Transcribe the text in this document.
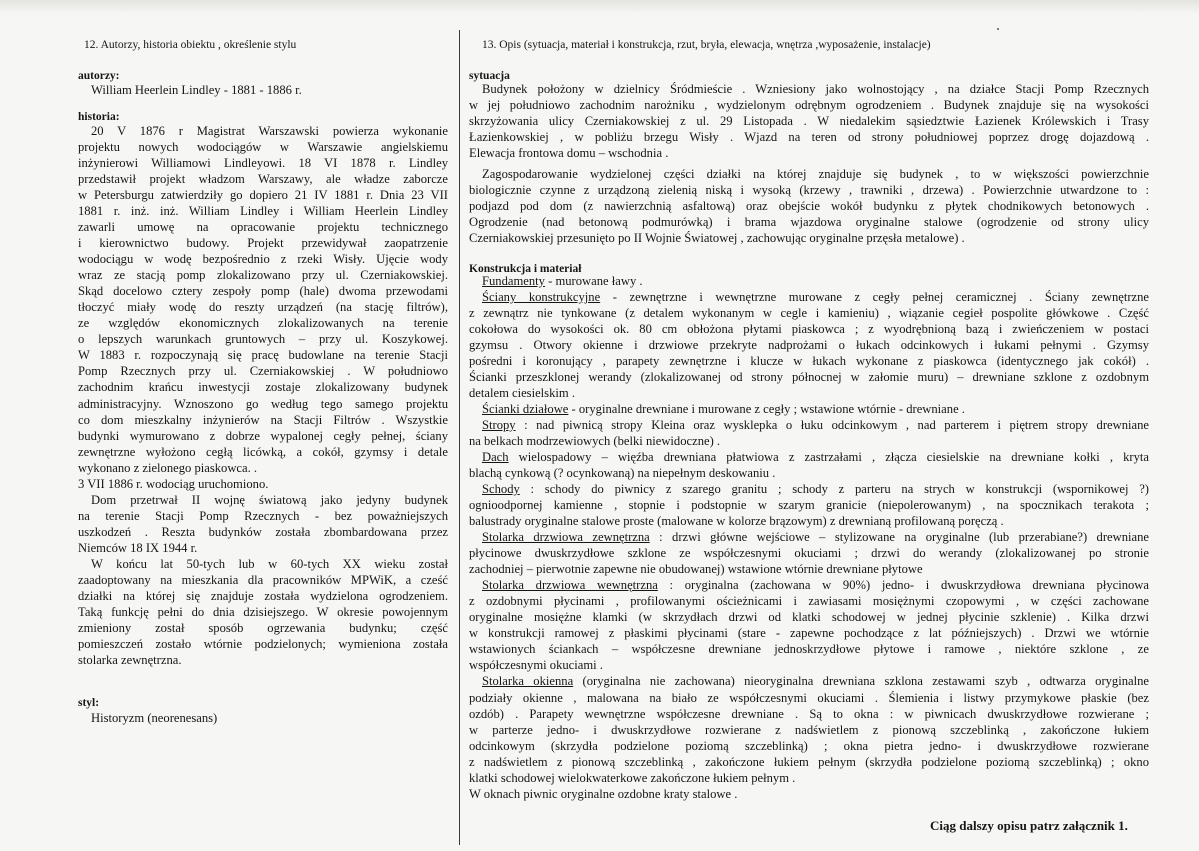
12. Autorzy, historia obiektu , określenie stylu
autorzy:
William Heerlein Lindley - 1881 - 1886 r.
historia:
20 V 1876 r Magistrat Warszawski powierza wykonanie
projektu nowych wodociągów w Warszawie angielskiemu
inżynierowi Williamowi Lindleyowi. 18 VI 1878 r. Lindley
przedstawił projekt władzom Warszawy, ale władze zaborcze
w Petersburgu zatwierdziły go dopiero 21 IV 1881 r. Dnia 23 VII
1881 r. inż. inż. William Lindley i William Heerlein Lindley
zawarli umowę na opracowanie projektu technicznego
i kierownictwo budowy. Projekt przewidywał zaopatrzenie
wodociągu w wodę bezpośrednio z rzeki Wisły. Ujęcie wody
wraz ze stacją pomp zlokalizowano przy ul. Czerniakowskiej.
Skąd docelowo cztery zespoły pomp (hale) dwoma przewodami
tłoczyć miały wodę do reszty urządzeń (na stację filtrów),
ze względów ekonomicznych zlokalizowanych na terenie
o lepszych warunkach gruntowych – przy ul. Koszykowej.
W 1883 r. rozpoczynają się pracę budowlane na terenie Stacji
Pomp Rzecznych przy ul. Czerniakowskiej . W południowo
zachodnim krańcu inwestycji zostaje zlokalizowany budynek
administracyjny. Wznoszono go według tego samego projektu
co dom mieszkalny inżynierów na Stacji Filtrów . Wszystkie
budynki wymurowano z dobrze wypalonej cegły pełnej, ściany
zewnętrzne wyłożono cegłą licówką, a cokół, gzymsy i detale
wykonano z zielonego piaskowca. .
3 VII 1886 r. wodociąg uruchomiono.
Dom przetrwał II wojnę światową jako jedyny budynek
na terenie Stacji Pomp Rzecznych - bez poważniejszych
uszkodzeń . Reszta budynków została zbombardowana przez
Niemców 18 IX 1944 r.
W końcu lat 50-tych lub w 60-tych XX wieku został
zaadoptowany na mieszkania dla pracowników MPWiK, a cześć
działki na której się znajduje została wydzielona ogrodzeniem.
Taką funkcję pełni do dnia dzisiejszego. W okresie powojennym
zmieniony został sposób ogrzewania budynku; część
pomieszczeń zostało wtórnie podzielonych; wymieniona została
stolarka zewnętrzna.
styl:
Historyzm (neorenesans)
13. Opis (sytuacja, materiał i konstrukcja, rzut, bryła, elewacja, wnętrza ,wyposażenie, instalacje)
sytuacja
Budynek położony w dzielnicy Śródmieście . Wzniesiony jako wolnostojący , na działce Stacji Pomp Rzecznych
w jej południowo zachodnim narożniku , wydzielonym odrębnym ogrodzeniem . Budynek znajduje się na wysokości
skrzyżowania ulicy Czerniakowskiej z ul. 29 Listopada . W niedalekim sąsiedztwie Łazienek Królewskich i Trasy
Łazienkowskiej , w pobliżu brzegu Wisły . Wjazd na teren od strony południowej poprzez drogę dojazdową .
Elewacja frontowa domu – wschodnia .
Zagospodarowanie wydzielonej części działki na której znajduje się budynek , to w większości powierzchnie
biologicznie czynne z urządzoną zielenią niską i wysoką (krzewy , trawniki , drzewa) . Powierzchnie utwardzone to :
podjazd pod dom (z nawierzchnią asfaltową) oraz obejście wokół budynku z płytek chodnikowych betonowych .
Ogrodzenie (nad betonową podmurówką) i brama wjazdowa oryginalne stalowe (ogrodzenie od strony ulicy
Czerniakowskiej przesunięto po II Wojnie Światowej , zachowując oryginalne przęsła metalowe) .
Konstrukcja i materiał
Fundamenty - murowane ławy .
Ściany konstrukcyjne - zewnętrzne i wewnętrzne murowane z cegły pełnej ceramicznej . Ściany zewnętrzne
z zewnątrz nie tynkowane (z detalem wykonanym w cegle i kamieniu) , wiązanie cegieł pospolite główkowe . Część
cokołowa do wysokości ok. 80 cm obłożona płytami piaskowca ; z wyodrębnioną bazą i zwieńczeniem w postaci
gzymsu . Otwory okienne i drzwiowe przekryte nadprożami o łukach odcinkowych i łukami pełnymi . Gzymsy
pośredni i koronujący , parapety zewnętrzne i klucze w łukach wykonane z piaskowca (identycznego jak cokół) .
Ścianki przeszklonej werandy (zlokalizowanej od strony północnej w załomie muru) – drewniane szklone z ozdobnym
detalem ciesielskim .
Ścianki działowe - oryginalne drewniane i murowane z cegły ; wstawione wtórnie - drewniane .
Stropy : nad piwnicą stropy Kleina oraz wysklepka o łuku odcinkowym , nad parterem i piętrem stropy drewniane
na belkach modrzewiowych (belki niewidoczne) .
Dach wielospadowy – więźba drewniana płatwiowa z zastrzałami , złącza ciesielskie na drewniane kołki , kryta
blachą cynkową (? ocynkowaną) na niepełnym deskowaniu .
Schody : schody do piwnicy z szarego granitu ; schody z parteru na strych w konstrukcji (wspornikowej ?)
ognioodpornej kamienne , stopnie i podstopnie w szarym granicie (niepolerowanym) , na spocznikach terakota ;
balustrady oryginalne stalowe proste (malowane w kolorze brązowym) z drewnianą profilowaną poręczą .
Stolarka drzwiowa zewnętrzna : drzwi główne wejściowe – stylizowane na oryginalne (lub przerabiane?) drewniane
płycinowe dwuskrzydłowe szklone ze współczesnymi okuciami ; drzwi do werandy (zlokalizowanej po stronie
zachodniej – pierwotnie zapewne nie obudowanej) wstawione wtórnie drewniane płytowe
Stolarka drzwiowa wewnętrzna : oryginalna (zachowana w 90%) jedno- i dwuskrzydłowa drewniana płycinowa
z ozdobnymi płycinami , profilowanymi ościeżnicami i zawiasami mosiężnymi czopowymi , w części zachowane
oryginalne mosiężne klamki (w skrzydłach drzwi od klatki schodowej w jednej płycinie szklenie) . Kilka drzwi
w konstrukcji ramowej z płaskimi płycinami (stare - zapewne pochodzące z lat późniejszych) . Drzwi we wtórnie
wstawionych ściankach – współczesne drewniane jednoskrzydłowe płytowe i ramowe , niektóre szklone , ze
współczesnymi okuciami .
Stolarka okienna (oryginalna nie zachowana) nieoryginalna drewniana szklona zestawami szyb , odtwarza oryginalne
podziały okienne , malowana na biało ze współczesnymi okuciami . Ślemienia i listwy przymykowe płaskie (bez
ozdób) . Parapety wewnętrzne współczesne drewniane . Są to okna : w piwnicach dwuskrzydłowe rozwierane ;
w parterze jedno- i dwuskrzydłowe rozwierane z nadświetlem z pionową szczeblinką , zakończone łukiem
odcinkowym (skrzydła podzielone poziomą szczeblinką) ; okna pietra jedno- i dwuskrzydłowe rozwierane
z nadświetlem z pionową szczeblinką , zakończone łukiem pełnym (skrzydła podzielone poziomą szczeblinką) ; okno
klatki schodowej wielokwaterkowe zakończone łukiem pełnym .
W oknach piwnic oryginalne ozdobne kraty stalowe .
Ciąg dalszy opisu patrz załącznik 1.
